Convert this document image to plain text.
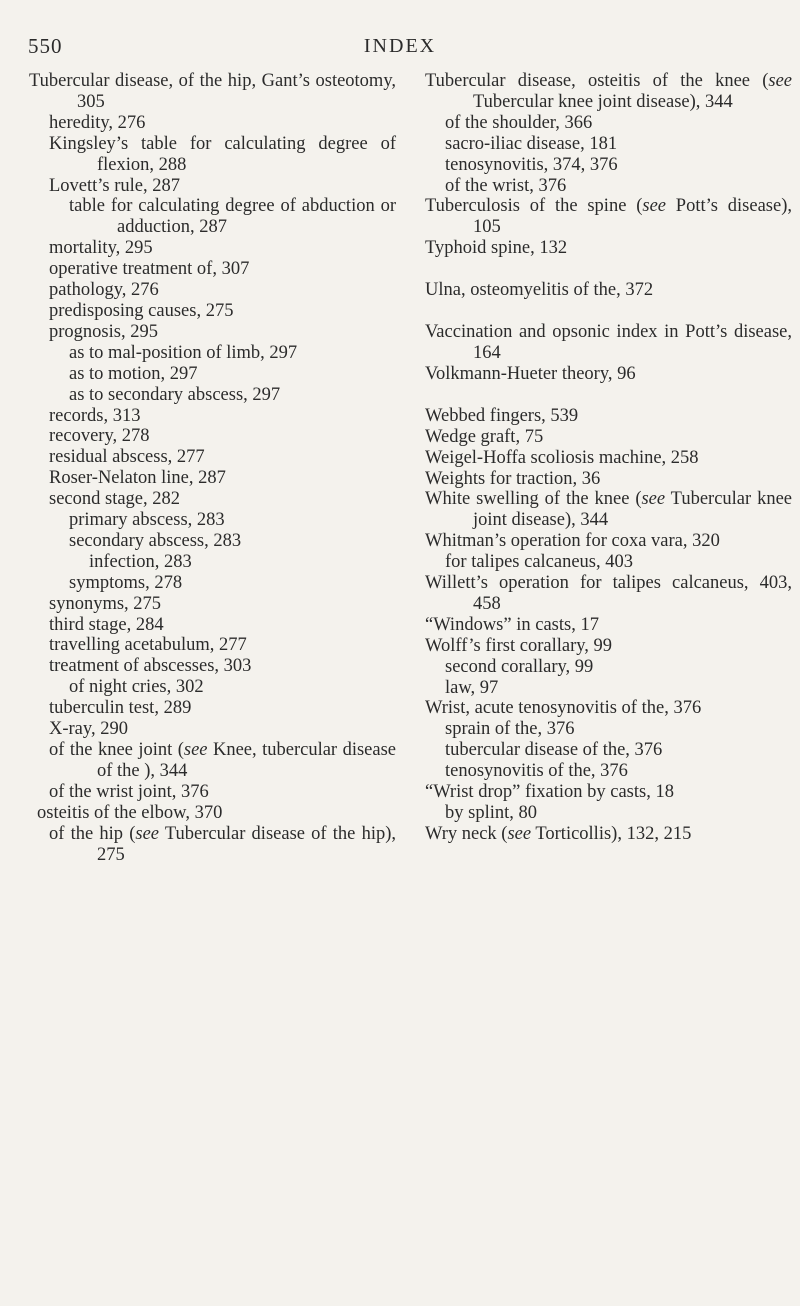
550	INDEX
Tubercular disease, of the hip, Gant’s osteotomy, 305
heredity, 276
Kingsley’s table for calculating degree of flexion, 288
Lovett’s rule, 287
table for calculating degree of abduction or adduction, 287
mortality, 295
operative treatment of, 307
pathology, 276
predisposing causes, 275
prognosis, 295
as to mal-position of limb, 297
as to motion, 297
as to secondary abscess, 297
records, 313
recovery, 278
residual abscess, 277
Roser-Nelaton line, 287
second stage, 282
primary abscess, 283
secondary abscess, 283
infection, 283
symptoms, 278
synonyms, 275
third stage, 284
travelling acetabulum, 277
treatment of abscesses, 303
of night cries, 302
tuberculin test, 289
X-ray, 290
of the knee joint (see Knee, tubercular disease of the ), 344
of the wrist joint, 376
osteitis of the elbow, 370
of the hip (see Tubercular disease of the hip), 275
Tubercular disease, osteitis of the knee (see Tubercular knee joint disease), 344
of the shoulder, 366
sacro-iliac disease, 181
tenosynovitis, 374, 376
of the wrist, 376
Tuberculosis of the spine (see Pott’s disease), 105
Typhoid spine, 132
Ulna, osteomyelitis of the, 372
Vaccination and opsonic index in Pott’s disease, 164
Volkmann-Hueter theory, 96
Webbed fingers, 539
Wedge graft, 75
Weigel-Hoffa scoliosis machine, 258
Weights for traction, 36
White swelling of the knee (see Tubercular knee joint disease), 344
Whitman’s operation for coxa vara, 320
for talipes calcaneus, 403
Willett’s operation for talipes calcaneus, 403, 458
“Windows” in casts, 17
Wolff’s first corallary, 99
second corallary, 99
law, 97
Wrist, acute tenosynovitis of the, 376
sprain of the, 376
tubercular disease of the, 376
tenosynovitis of the, 376
“Wrist drop” fixation by casts, 18
by splint, 80
Wry neck (see Torticollis), 132, 215
